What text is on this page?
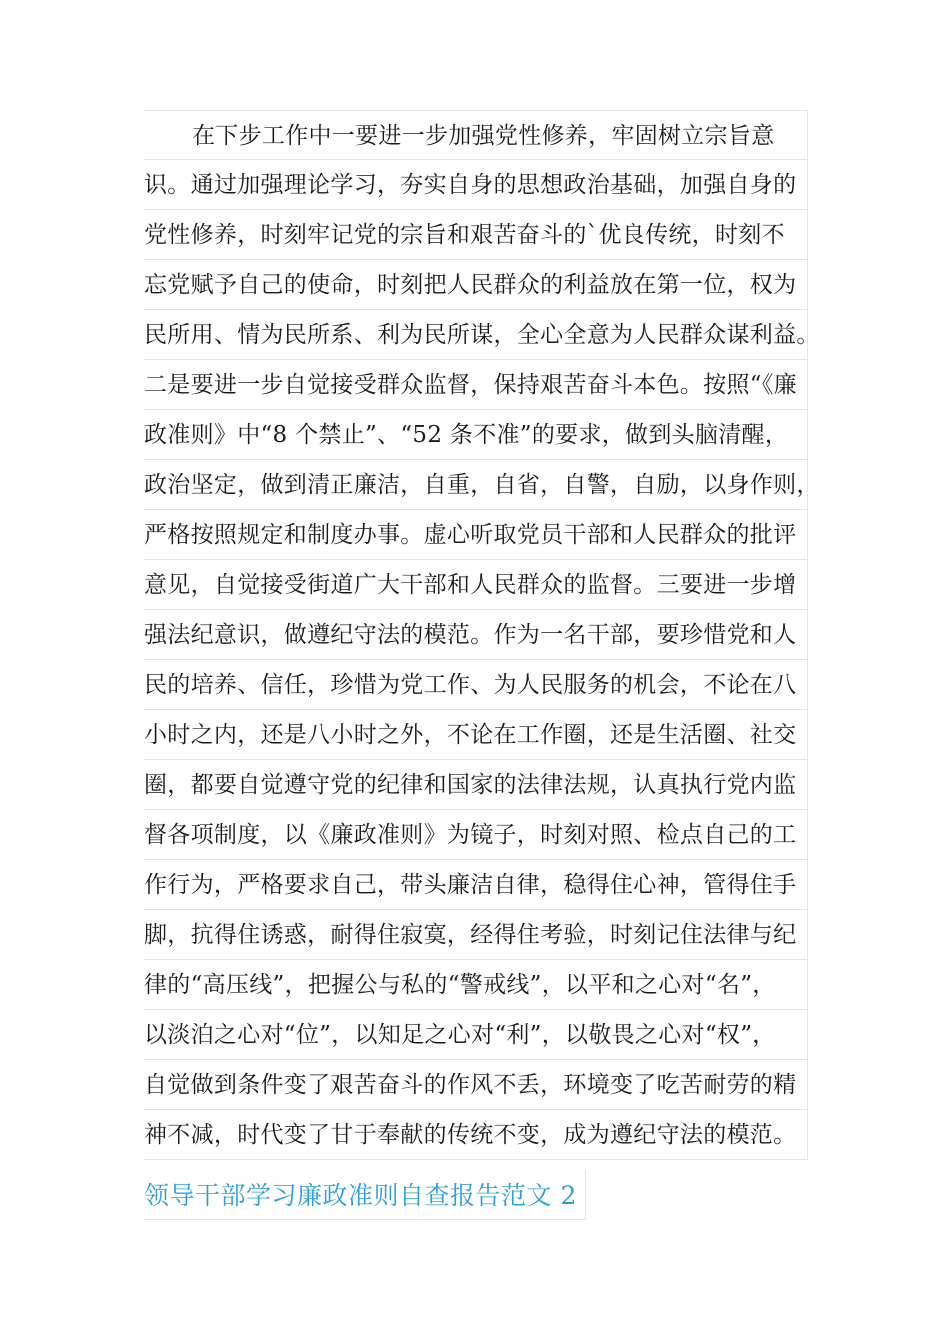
在下步工作中一要进一步加强党性修养，牢固树立宗旨意
识。通过加强理论学习，夯实自身的思想政治基础，加强自身的
党性修养，时刻牢记党的宗旨和艰苦奋斗的`优良传统，时刻不
忘党赋予自己的使命，时刻把人民群众的利益放在第一位，权为
民所用、情为民所系、利为民所谋，全心全意为人民群众谋利益。
二是要进一步自觉接受群众监督，保持艰苦奋斗本色。按照“《廉
政准则》中“8 个禁止”、“52 条不准”的要求，做到头脑清醒，
政治坚定，做到清正廉洁，自重，自省，自警，自励，以身作则，
严格按照规定和制度办事。虚心听取党员干部和人民群众的批评
意见，自觉接受街道广大干部和人民群众的监督。三要进一步增
强法纪意识，做遵纪守法的模范。作为一名干部，要珍惜党和人
民的培养、信任，珍惜为党工作、为人民服务的机会，不论在八
小时之内，还是八小时之外，不论在工作圈，还是生活圈、社交
圈，都要自觉遵守党的纪律和国家的法律法规，认真执行党内监
督各项制度，以《廉政准则》为镜子，时刻对照、检点自己的工
作行为，严格要求自己，带头廉洁自律，稳得住心神，管得住手
脚，抗得住诱惑，耐得住寂寞，经得住考验，时刻记住法律与纪
律的“高压线”，把握公与私的“警戒线”，以平和之心对“名”，
以淡泊之心对“位”，以知足之心对“利”，以敬畏之心对“权”，
自觉做到条件变了艰苦奋斗的作风不丢，环境变了吃苦耐劳的精
神不减，时代变了甘于奉献的传统不变，成为遵纪守法的模范。
领导干部学习廉政准则自查报告范文 2
